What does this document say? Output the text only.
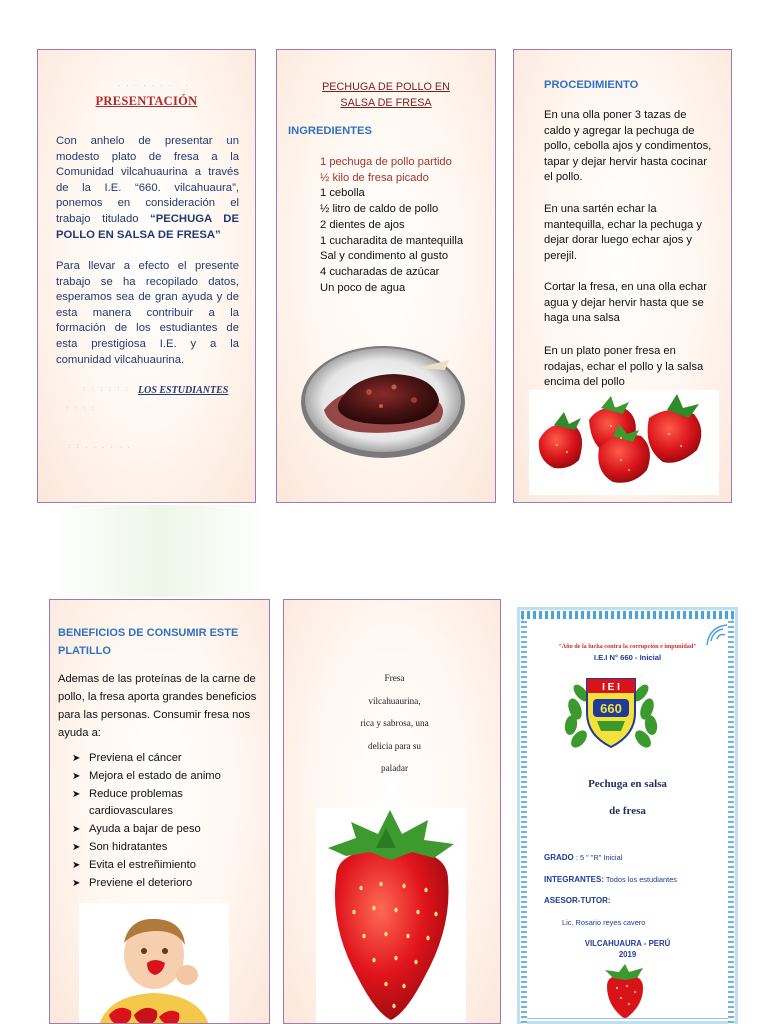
. . . . . . . . .
PRESENTACIÓN
Con anhelo de presentar un modesto plato de fresa a la Comunidad vilcahuaurina a través de la I.E. “660. vilcahuaura”, ponemos en consideración el trabajo titulado “PECHUGA DE POLLO EN SALSA DE FRESA”
Para llevar a efecto el presente trabajo se ha recopilado datos, esperamos sea de gran ayuda y de esta manera contribuir a la formación de los estudiantes de esta prestigiosa I.E. y a la comunidad vilcahuaurina.
: : : : : : LOS ESTUDIANTES
: : : :
: : . . . . . .
PECHUGA DE POLLO EN
SALSA DE FRESA
INGREDIENTES
1 pechuga de pollo partido
½ kilo de fresa picado
1 cebolla
½ litro de caldo de pollo
2 dientes de ajos
1 cucharadita de mantequilla
Sal y condimento al gusto
4 cucharadas de azúcar
Un poco de agua
PROCEDIMIENTO
En una olla poner 3 tazas de caldo y agregar la pechuga de pollo, cebolla ajos y condimentos, tapar y dejar hervir hasta cocinar el pollo.
En una sartén echar la mantequilla, echar la pechuga y dejar dorar luego echar ajos y perejil.
Cortar la fresa, en una olla echar agua y dejar hervir hasta que se haga una salsa
En un plato poner fresa en rodajas, echar el pollo y la salsa encima del pollo
BENEFICIOS DE CONSUMIR ESTE PLATILLO
Ademas de las proteínas de la carne de pollo, la fresa aporta grandes beneficios para las personas. Consumir fresa nos ayuda a:
➤ Previena el cáncer
➤ Mejora el estado de animo
➤ Reduce problemas cardiovasculares
➤ Ayuda a bajar de peso
➤ Son hidratantes
➤ Evita el estreñimiento
➤ Previene el deterioro
Fresa
vilcahuaurina,
rica y sabrosa, una
delicia para su
paladar
"Año de la lucha contra la corrupción e impunidad"
I.E.I N° 660 - Inicial
I E I
660
Pechuga en salsa
de fresa
GRADO : 5 " "R" Inicial
INTEGRANTES: Todos los estudiantes
ASESOR-TUTOR:
Lic. Rosario reyes cavero
VILCAHUAURA - PERÚ
2019
